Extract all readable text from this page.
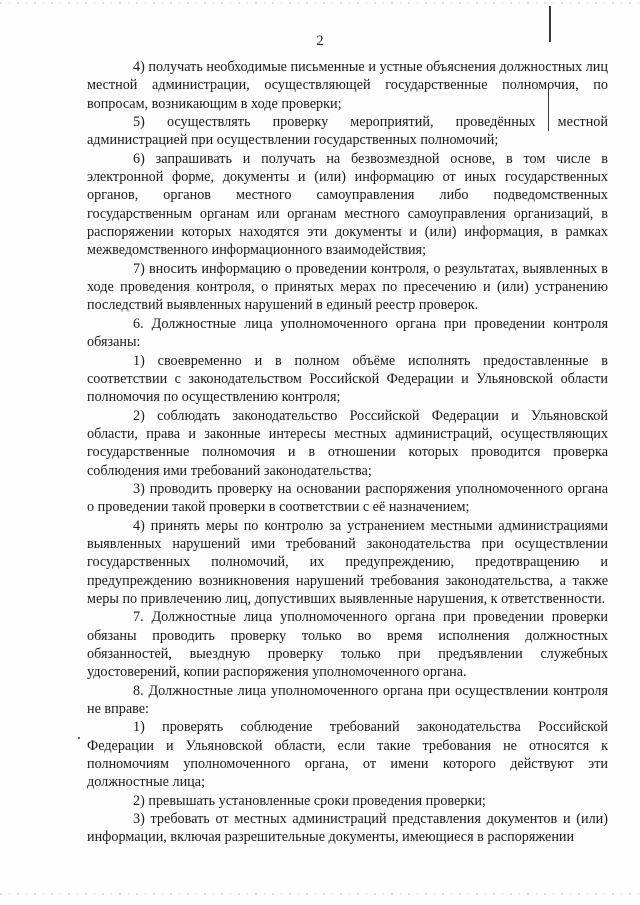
2

4) получать необходимые письменные и устные объяснения должностных лиц местной администрации, осуществляющей государственные полномочия, по вопросам, возникающим в ходе проверки;

5) осуществлять проверку мероприятий, проведённых местной администрацией при осуществлении государственных полномочий;

6) запрашивать и получать на безвозмездной основе, в том числе в электронной форме, документы и (или) информацию от иных государственных органов, органов местного самоуправления либо подведомственных государственным органам или органам местного самоуправления организаций, в распоряжении которых находятся эти документы и (или) информация, в рамках межведомственного информационного взаимодействия;

7) вносить информацию о проведении контроля, о результатах, выявленных в ходе проведения контроля, о принятых мерах по пресечению и (или) устранению последствий выявленных нарушений в единый реестр проверок.

6. Должностные лица уполномоченного органа при проведении контроля обязаны:

1) своевременно и в полном объёме исполнять предоставленные в соответствии с законодательством Российской Федерации и Ульяновской области полномочия по осуществлению контроля;

2) соблюдать законодательство Российской Федерации и Ульяновской области, права и законные интересы местных администраций, осуществляющих государственные полномочия и в отношении которых проводится проверка соблюдения ими требований законодательства;

3) проводить проверку на основании распоряжения уполномоченного органа о проведении такой проверки в соответствии с её назначением;

4) принять меры по контролю за устранением местными администрациями выявленных нарушений ими требований законодательства при осуществлении государственных полномочий, их предупреждению, предотвращению и предупреждению возникновения нарушений требования законодательства, а также меры по привлечению лиц, допустивших выявленные нарушения, к ответственности.

7. Должностные лица уполномоченного органа при проведении проверки обязаны проводить проверку только во время исполнения должностных обязанностей, выездную проверку только при предъявлении служебных удостоверений, копии распоряжения уполномоченного органа.

8. Должностные лица уполномоченного органа при осуществлении контроля не вправе:

1) проверять соблюдение требований законодательства Российской Федерации и Ульяновской области, если такие требования не относятся к полномочиям уполномоченного органа, от имени которого действуют эти должностные лица;

2) превышать установленные сроки проведения проверки;

3) требовать от местных администраций представления документов и (или) информации, включая разрешительные документы, имеющиеся в распоряжении
